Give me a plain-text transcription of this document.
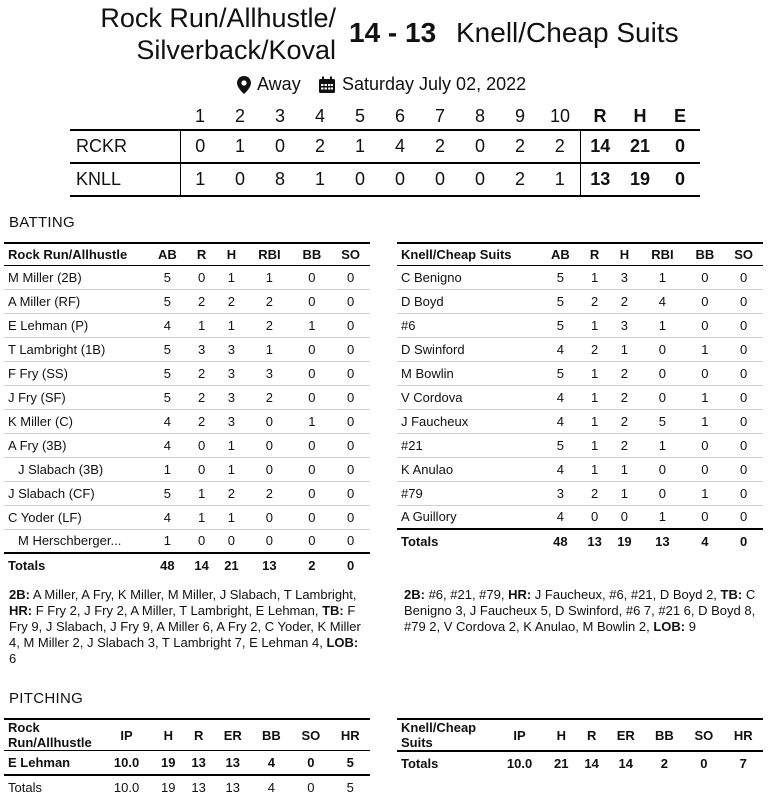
Rock Run/Allhustle/
Silverback/Koval
14 - 13 Knell/Cheap Suits
Away Saturday July 02, 2022
	1	2	3	4	5	6	7	8	9	10	R	H	E
RCKR	0	1	0	2	1	4	2	0	2	2	14	21	0
KNLL	1	0	8	1	0	0	0	0	2	1	13	19	0
BATTING
Rock Run/Allhustle	AB	R	H	RBI	BB	SO
M Miller (2B)	5	0	1	1	0	0
A Miller (RF)	5	2	2	2	0	0
E Lehman (P)	4	1	1	2	1	0
T Lambright (1B)	5	3	3	1	0	0
F Fry (SS)	5	2	3	3	0	0
J Fry (SF)	5	2	3	2	0	0
K Miller (C)	4	2	3	0	1	0
A Fry (3B)	4	0	1	0	0	0
J Slabach (3B)	1	0	1	0	0	0
J Slabach (CF)	5	1	2	2	0	0
C Yoder (LF)	4	1	1	0	0	0
M Herschberger...	1	0	0	0	0	0
Totals	48	14	21	13	2	0
Knell/Cheap Suits	AB	R	H	RBI	BB	SO
C Benigno	5	1	3	1	0	0
D Boyd	5	2	2	4	0	0
#6	5	1	3	1	0	0
D Swinford	4	2	1	0	1	0
M Bowlin	5	1	2	0	0	0
V Cordova	4	1	2	0	1	0
J Faucheux	4	1	2	5	1	0
#21	5	1	2	1	0	0
K Anulao	4	1	1	0	0	0
#79	3	2	1	0	1	0
A Guillory	4	0	0	1	0	0
Totals	48	13	19	13	4	0
2B: A Miller, A Fry, K Miller, M Miller, J Slabach, T Lambright, HR: F Fry 2, J Fry 2, A Miller, T Lambright, E Lehman, TB: F Fry 9, J Slabach, J Fry 9, A Miller 6, A Fry 2, C Yoder, K Miller 4, M Miller 2, J Slabach 3, T Lambright 7, E Lehman 4, LOB: 6
2B: #6, #21, #79, HR: J Faucheux, #6, #21, D Boyd 2, TB: C Benigno 3, J Faucheux 5, D Swinford, #6 7, #21 6, D Boyd 8, #79 2, V Cordova 2, K Anulao, M Bowlin 2, LOB: 9
PITCHING
Rock Run/Allhustle	IP	H	R	ER	BB	SO	HR
E Lehman	10.0	19	13	13	4	0	5
Totals	10.0	19	13	13	4	0	5
Knell/Cheap Suits	IP	H	R	ER	BB	SO	HR
Totals	10.0	21	14	14	2	0	7
